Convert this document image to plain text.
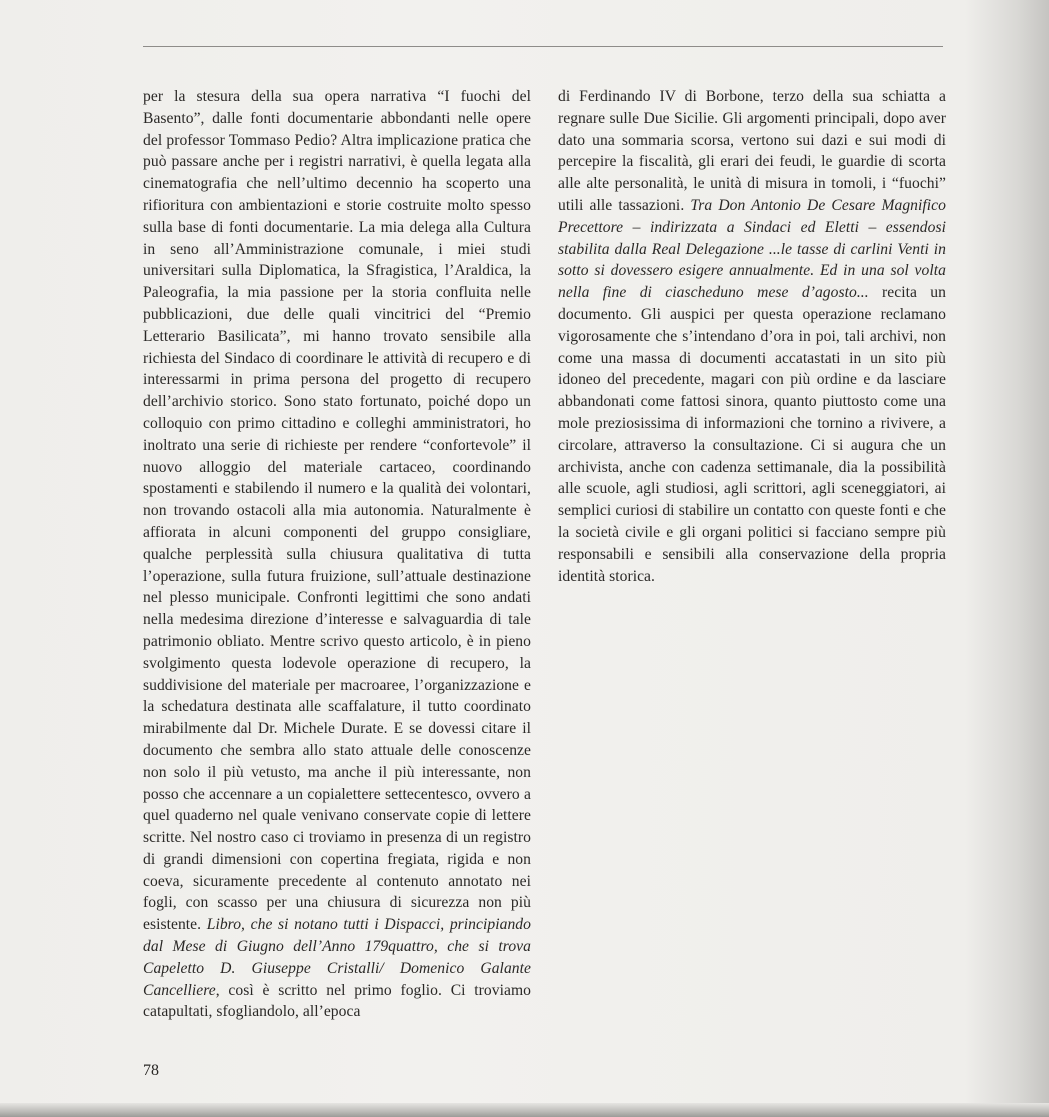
per la stesura della sua opera narrativa “I fuochi del Basento”, dalle fonti documentarie abbondanti nelle opere del professor Tommaso Pedio? Altra implicazione pratica che può passare anche per i registri narrativi, è quella legata alla cinematografia che nell’ultimo decennio ha scoperto una rifioritura con ambientazioni e storie costruite molto spesso sulla base di fonti documentarie. La mia delega alla Cultura in seno all’Amministrazione comunale, i miei studi universitari sulla Diplomatica, la Sfragistica, l’Araldica, la Paleografia, la mia passione per la storia confluita nelle pubblicazioni, due delle quali vincitrici del “Premio Letterario Basilicata”, mi hanno trovato sensibile alla richiesta del Sindaco di coordinare le attività di recupero e di interessarmi in prima persona del progetto di recupero dell’archivio storico. Sono stato fortunato, poiché dopo un colloquio con primo cittadino e colleghi amministratori, ho inoltrato una serie di richieste per rendere “confortevole” il nuovo alloggio del materiale cartaceo, coordinando spostamenti e stabilendo il numero e la qualità dei volontari, non trovando ostacoli alla mia autonomia. Naturalmente è affiorata in alcuni componenti del gruppo consigliare, qualche perplessità sulla chiusura qualitativa di tutta l’operazione, sulla futura fruizione, sull’attuale destinazione nel plesso municipale. Confronti legittimi che sono andati nella medesima direzione d’interesse e salvaguardia di tale patrimonio obliato. Mentre scrivo questo articolo, è in pieno svolgimento questa lodevole operazione di recupero, la suddivisione del materiale per macroaree, l’organizzazione e la schedatura destinata alle scaffalature, il tutto coordinato mirabilmente dal Dr. Michele Durate. E se dovessi citare il documento che sembra allo stato attuale delle conoscenze non solo il più vetusto, ma anche il più interessante, non posso che accennare a un copialettere settecentesco, ovvero a quel quaderno nel quale venivano conservate copie di lettere scritte. Nel nostro caso ci troviamo in presenza di un registro di grandi dimensioni con copertina fregiata, rigida e non coeva, sicuramente precedente al contenuto annotato nei fogli, con scasso per una chiusura di sicurezza non più esistente. Libro, che si notano tutti i Dispacci, principiando dal Mese di Giugno dell’Anno 179quattro, che si trova Capeletto D. Giuseppe Cristalli/ Domenico Galante Cancelliere, così è scritto nel primo foglio. Ci troviamo catapultati, sfogliandolo, all’epoca

di Ferdinando IV di Borbone, terzo della sua schiatta a regnare sulle Due Sicilie. Gli argomenti principali, dopo aver dato una sommaria scorsa, vertono sui dazi e sui modi di percepire la fiscalità, gli erari dei feudi, le guardie di scorta alle alte personalità, le unità di misura in tomoli, i “fuochi” utili alle tassazioni. Tra Don Antonio De Cesare Magnifico Precettore – indirizzata a Sindaci ed Eletti – essendosi stabilita dalla Real Delegazione ...le tasse di carlini Venti in sotto si dovessero esigere annualmente. Ed in una sol volta nella fine di ciascheduno mese d’agosto... recita un documento. Gli auspici per questa operazione reclamano vigorosamente che s’intendano d’ora in poi, tali archivi, non come una massa di documenti accatastati in un sito più idoneo del precedente, magari con più ordine e da lasciare abbandonati come fattosi sinora, quanto piuttosto come una mole preziosissima di informazioni che tornino a rivivere, a circolare, attraverso la consultazione. Ci si augura che un archivista, anche con cadenza settimanale, dia la possibilità alle scuole, agli studiosi, agli scrittori, agli sceneggiatori, ai semplici curiosi di stabilire un contatto con queste fonti e che la società civile e gli organi politici si facciano sempre più responsabili e sensibili alla conservazione della propria identità storica.

78
